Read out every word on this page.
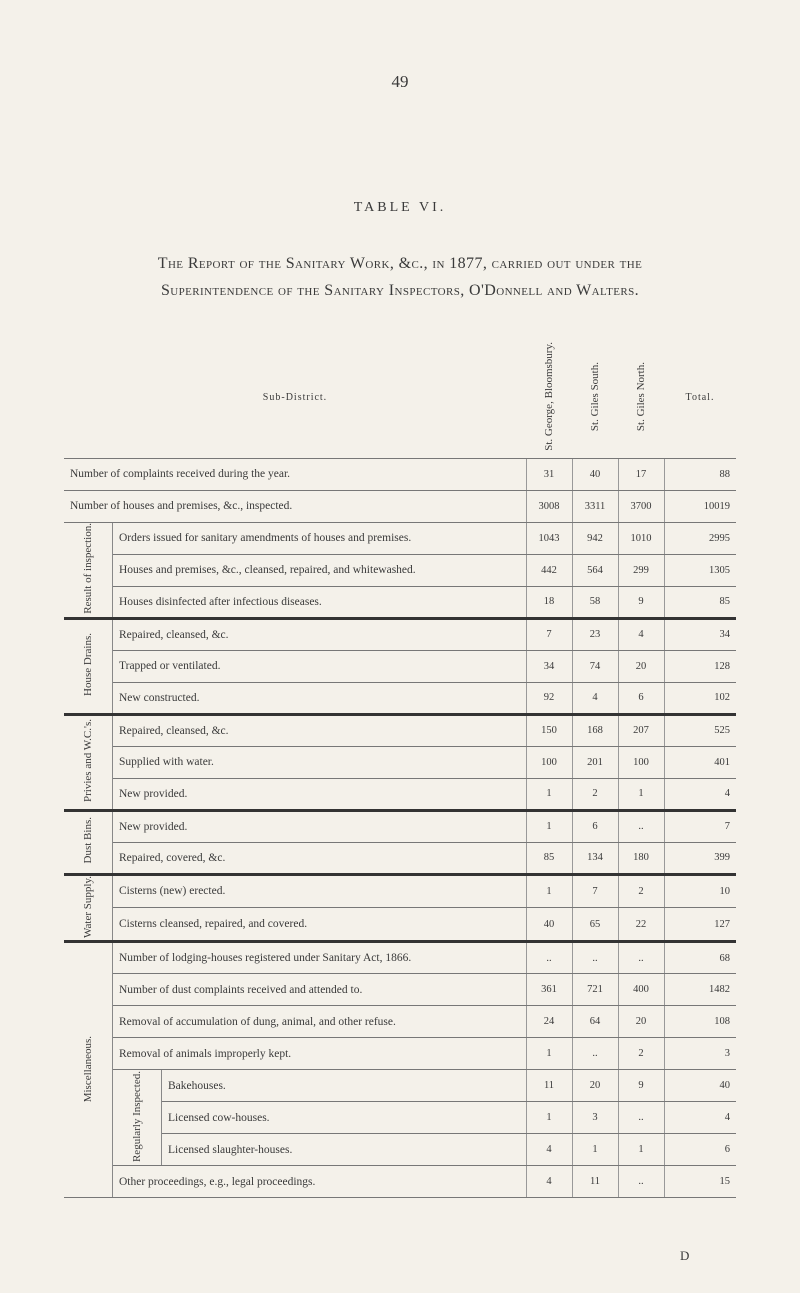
49
TABLE VI.
The Report of the Sanitary Work, &c., in 1877, carried out under the
Superintendence of the Sanitary Inspectors, O'Donnell and Walters.
Sub-District.			St. George, Bloomsbury.	St. Giles South.	St. Giles North.	Total.
Number of complaints received during the year.			31	40	17	88
Number of houses and premises, &c., inspected.			3008	3311	3700	10019
Result of inspection.	Orders issued for sanitary amendments of houses and premises.		1043	942	1010	2995
	Houses and premises, &c., cleansed, repaired, and whitewashed.		442	564	299	1305
	Houses disinfected after infectious diseases.		18	58	9	85
House Drains.	Repaired, cleansed, &c.		7	23	4	34
	Trapped or ventilated.		34	74	20	128
	New constructed.		92	4	6	102
Privies and W.C.'s.	Repaired, cleansed, &c.		150	168	207	525
	Supplied with water.		100	201	100	401
	New provided.		1	2	1	4
Dust Bins.	New provided.		1	6	..	7
	Repaired, covered, &c.		85	134	180	399
Water Supply.	Cisterns (new) erected.		1	7	2	10
	Cisterns cleansed, repaired, and covered.		40	65	22	127
Miscellaneous.	Number of lodging-houses registered under Sanitary Act, 1866.		..	..	..	68
	Number of dust complaints received and attended to.		361	721	400	1482
	Removal of accumulation of dung, animal, and other refuse.		24	64	20	108
	Removal of animals improperly kept.		1	..	2	3
	Regularly Inspected.	Bakehouses.	11	20	9	40
		Licensed cow-houses.	1	3	..	4
		Licensed slaughter-houses.	4	1	1	6
	Other proceedings, e.g., legal proceedings.		4	11	..	15
D
